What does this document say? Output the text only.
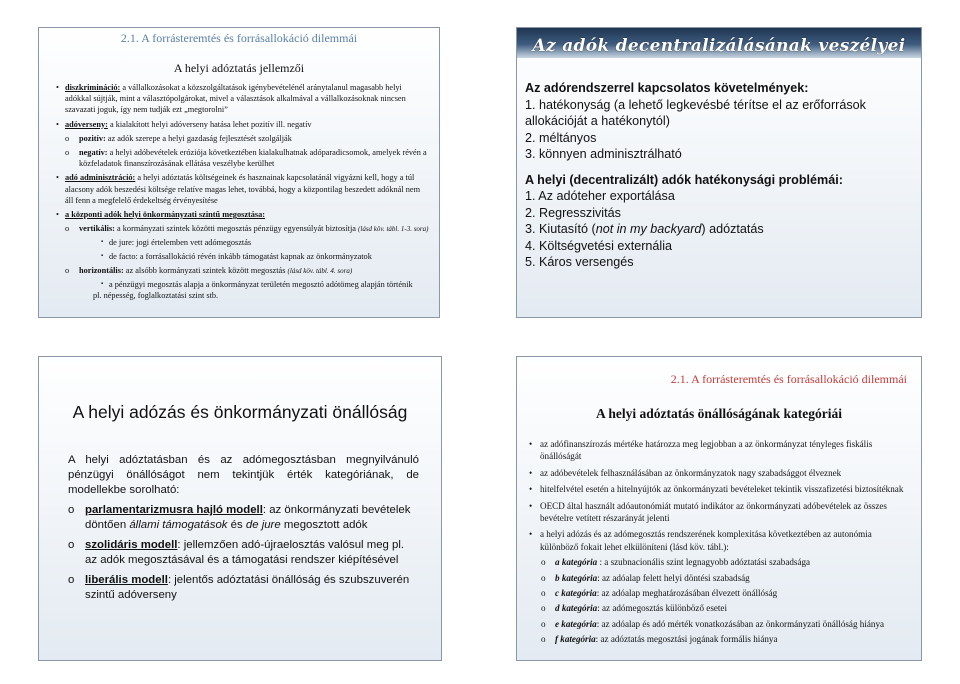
2.1. A forrásteremtés és forrásallokáció dilemmái
A helyi adóztatás jellemzői
• diszkrimináció: a vállalkozásokat a közszolgáltatások igénybevételénél aránytalanul magasabb helyi adókkal sújtják, mint a választópolgárokat, mivel a választások alkalmával a vállalkozásoknak nincsen szavazati joguk, így nem tudják ezt „megtorolni”
• adóverseny: a kialakított helyi adóverseny hatása lehet pozitív ill. negatív
o pozitív: az adók szerepe a helyi gazdaság fejlesztését szolgálják
o negatív: a helyi adóbevételek eróziója következtében kialakulhatnak adóparadicsomok, amelyek révén a közfeladatok finanszírozásának ellátása veszélybe kerülhet
• adó adminisztráció: a helyi adóztatás költségeinek és hasznainak kapcsolatánál vigyázni kell, hogy a túl alacsony adók beszedési költsége relatíve magas lehet, továbbá, hogy a központilag beszedett adóknál nem áll fenn a megfelelő érdekeltség érvényesítése
• a központi adók helyi önkormányzati szintű megosztása:
o vertikális: a kormányzati szintek közötti megosztás pénzügy egyensúlyát biztosítja (lásd köv. tábl. 1-3. sora)
▪ de jure: jogi értelemben vett adómegosztás
▪ de facto: a forrásallokáció révén inkább támogatást kapnak az önkormányzatok
o horizontális: az alsóbb kormányzati szintek között megosztás (lásd köv. tábl. 4. sora)
▪ a pénzügyi megosztás alapja a önkormányzat területén megosztó adótömeg alapján történik
pl. népesség, foglalkoztatási szint stb.
Az adók decentralizálásának veszélyei
Az adórendszerrel kapcsolatos követelmények:
1. hatékonyság (a lehető legkevésbé térítse el az erőforrások allokációját a hatékonytól)
2. méltányos
3. könnyen adminisztrálható
A helyi (decentralizált) adók hatékonysági problémái:
1. Az adóteher exportálása
2. Regresszivitás
3. Kiutasító (not in my backyard) adóztatás
4. Költségvetési externália
5. Káros versengés
A helyi adózás és önkormányzati önállóság
A helyi adóztatásban és az adómegosztásban megnyilvánuló pénzügyi önállóságot nem tekintjük érték kategóriának, de modellekbe sorolható:
o parlamentarizmusra hajló modell: az önkormányzati bevételek döntően állami támogatások és de jure megosztott adók
o szolidáris modell: jellemzően adó-újraelosztás valósul meg pl. az adók megosztásával és a támogatási rendszer kiépítésével
o liberális modell: jelentős adóztatási önállóság és szubszuverén szintű adóverseny
2.1. A forrásteremtés és forrásallokáció dilemmái
A helyi adóztatás önállóságának kategóriái
• az adófinanszírozás mértéke határozza meg legjobban a az önkormányzat tényleges fiskális önállóságát
• az adóbevételek felhasználásában az önkormányzatok nagy szabadsággot élveznek
• hitelfelvétel esetén a hitelnyújtók az önkormányzati bevételeket tekintik visszafizetési biztosítéknak
• OECD által használt adóautonómiát mutató indikátor az önkormányzati adóbevételek az összes bevételre vetített részarányát jelenti
• a helyi adózás és az adómegosztás rendszerének komplexitása következtében az autonómia különböző fokait lehet elkülöníteni (lásd köv. tábl.):
o a kategória : a szubnacionális szint legnagyobb adóztatási szabadsága
o b kategória: az adóalap felett helyi döntési szabadság
o c kategória: az adóalap meghatározásában élvezett önállóság
o d kategória: az adómegosztás különböző esetei
o e kategória: az adóalap és adó mérték vonatkozásában az önkormányzati önállóság hiánya
o f kategória: az adóztatás megosztási jogának formális hiánya
